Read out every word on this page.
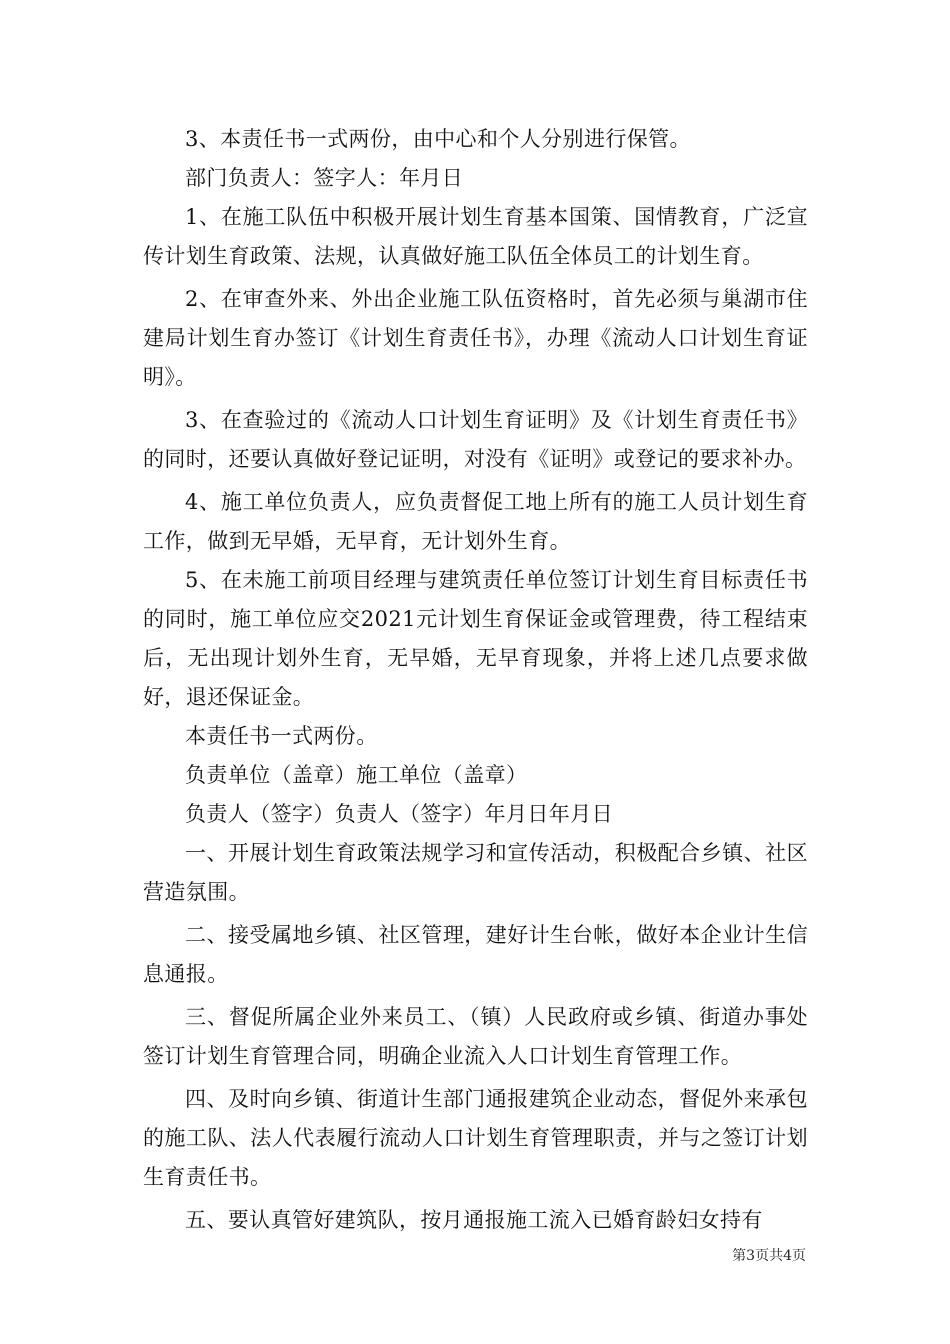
3、本责任书一式两份，由中心和个人分别进行保管。

部门负责人：签字人：年月日

1、在施工队伍中积极开展计划生育基本国策、国情教育，广泛宣传计划生育政策、法规，认真做好施工队伍全体员工的计划生育。

2、在审查外来、外出企业施工队伍资格时，首先必须与巢湖市住建局计划生育办签订《计划生育责任书》，办理《流动人口计划生育证明》。

3、在查验过的《流动人口计划生育证明》及《计划生育责任书》的同时，还要认真做好登记证明，对没有《证明》或登记的要求补办。

4、施工单位负责人，应负责督促工地上所有的施工人员计划生育工作，做到无早婚，无早育，无计划外生育。

5、在未施工前项目经理与建筑责任单位签订计划生育目标责任书的同时，施工单位应交2021元计划生育保证金或管理费，待工程结束后，无出现计划外生育，无早婚，无早育现象，并将上述几点要求做好，退还保证金。

本责任书一式两份。

负责单位（盖章）施工单位（盖章）

负责人（签字）负责人（签字）年月日年月日

一、开展计划生育政策法规学习和宣传活动，积极配合乡镇、社区营造氛围。

二、接受属地乡镇、社区管理，建好计生台帐，做好本企业计生信息通报。

三、督促所属企业外来员工、（镇）人民政府或乡镇、街道办事处签订计划生育管理合同，明确企业流入人口计划生育管理工作。

四、及时向乡镇、街道计生部门通报建筑企业动态，督促外来承包的施工队、法人代表履行流动人口计划生育管理职责，并与之签订计划生育责任书。

五、要认真管好建筑队，按月通报施工流入已婚育龄妇女持有

第3页共4页
